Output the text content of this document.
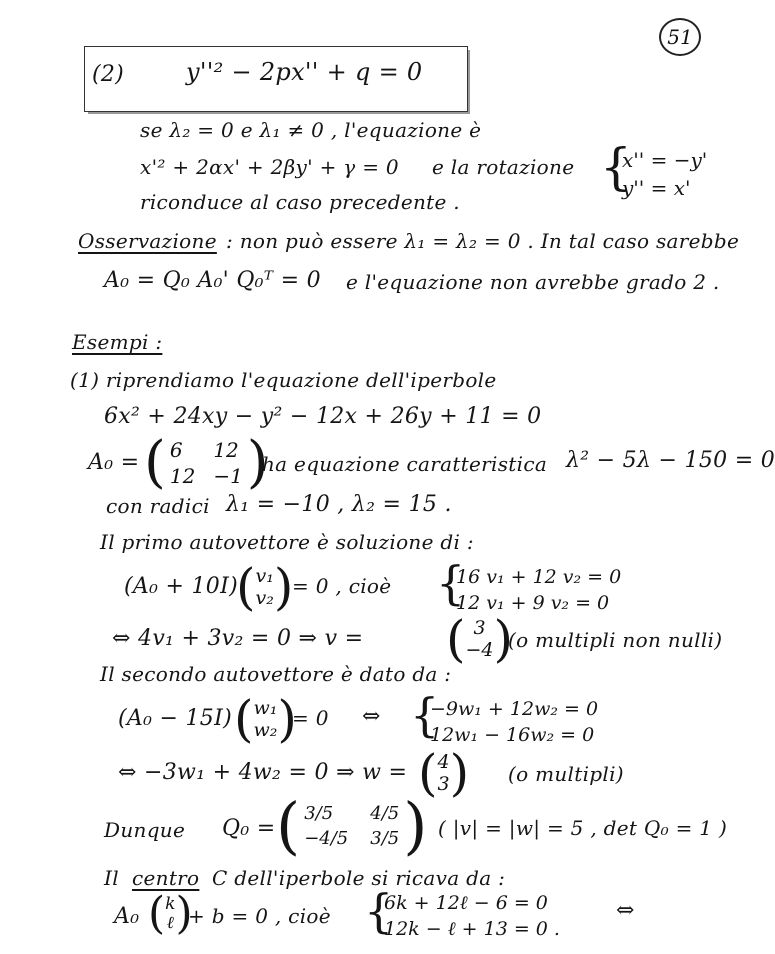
51
(2)	y''² − 2px'' + q = 0
se λ₂ = 0 e λ₁ ≠ 0 , l'equazione è
x'² + 2αx' + 2βy' + γ = 0 e la rotazione
riconduce al caso precedente .
{
x'' = −y'
y'' = x'
Osservazione : non può essere λ₁ = λ₂ = 0 . In tal caso sarebbe
A₀ = Q₀ A₀' Q₀ᵀ = 0 e l'equazione non avrebbe grado 2 .
Esempi :
(1) riprendiamo l'equazione dell'iperbole
6x² + 24xy − y² − 12x + 26y + 11 = 0
A₀ = ( 6	12
12 −1 )
ha equazione caratteristica λ² − 5λ − 150 = 0
con radici λ₁ = −10 , λ₂ = 15 .
Il primo autovettore è soluzione di :
(A₀ + 10I)
( v₁
v₂ )
= 0 , cioè {
16 v₁ + 12 v₂ = 0
12 v₁ + 9 v₂ = 0
⇔ 4v₁ + 3v₂ = 0 ⇒ v = ( 3
−4 )
(o multipli non nulli)
Il secondo autovettore è dato da :
(A₀ − 15I) ( w₁
w₂ )
= 0 ⇔ {
−9w₁ + 12w₂ = 0
12w₁ − 16w₂ = 0
⇔ −3w₁ + 4w₂ = 0 ⇒ w = ( 4
3 ) (o multipli)
Dunque Q₀ = ( 3/5	4/5
−4/5 3/5 ) ( |v| = |w| = 5 , det Q₀ = 1 )
Il centro C dell'iperbole si ricava da :
A₀ ( k
ℓ )
+ b = 0 , cioè {
6k + 12ℓ − 6 = 0
12k − ℓ + 13 = 0 .
⇔
